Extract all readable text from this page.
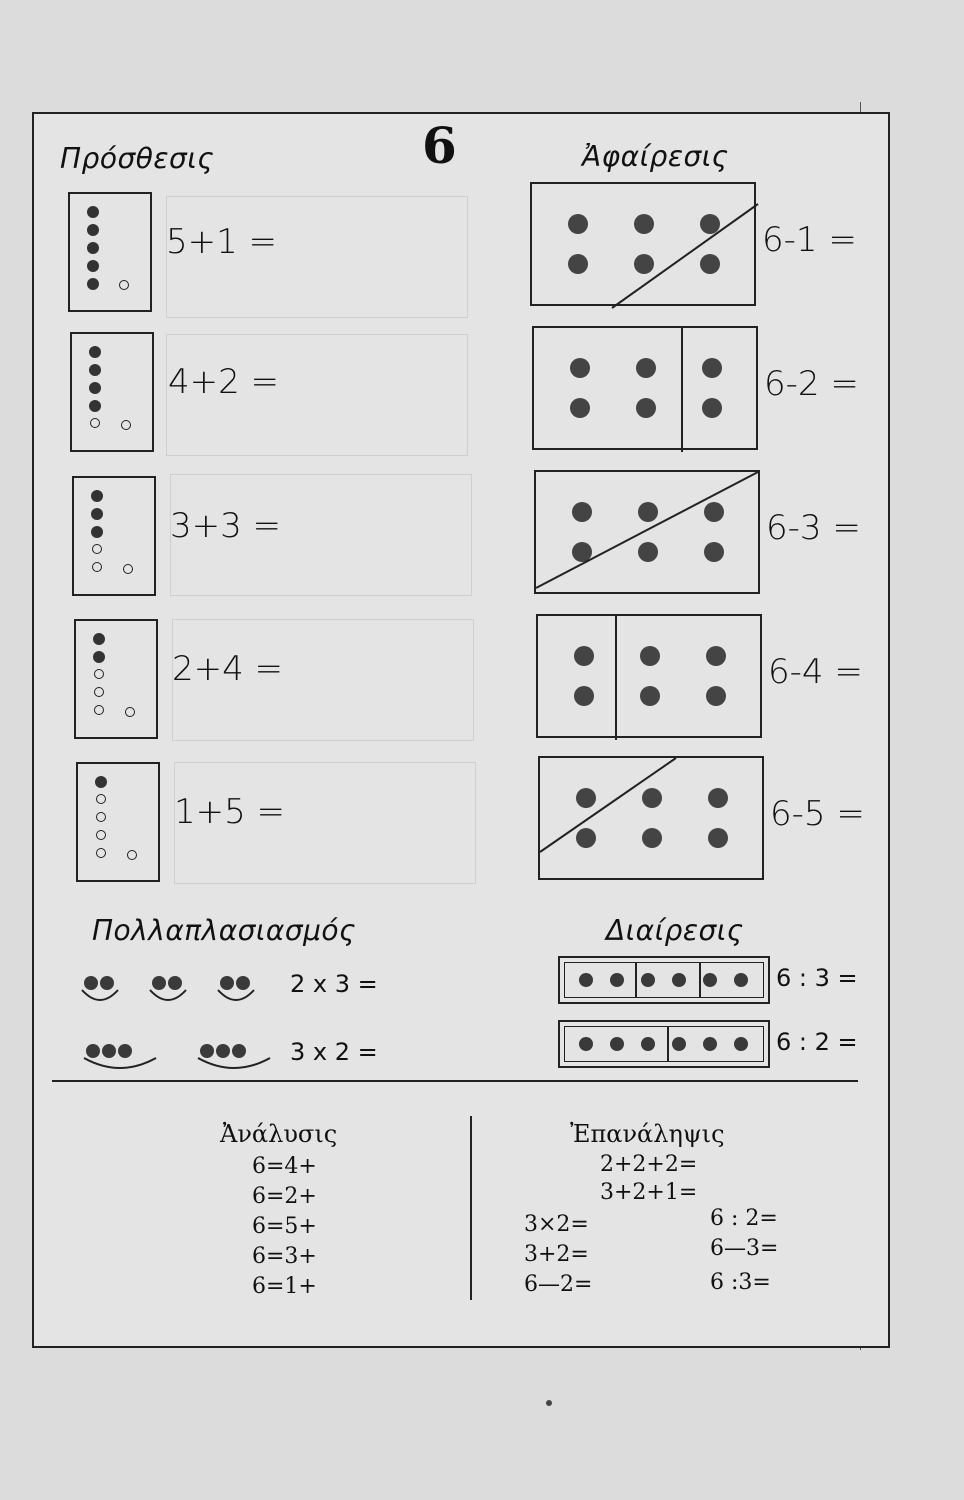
Πρόσθεσις	6	Ἀφαίρεσις
5+1 =
4+2 =
3+3 =
2+4 =
1+5 =
6-1 =
6-2 =
6-3 =
6-4 =
6-5 =
Πολλαπλασιασμός
2 x 3 =
3 x 2 =
Διαίρεσις
6 : 3 =
6 : 2 =
Ἀνάλυσις
6=4+
6=2+
6=5+
6=3+
6=1+
Ἐπανάληψις
2+2+2=
3+2+1=
3×2=
3+2=
6—2=
6 : 2=
6—3=
6 :3=
